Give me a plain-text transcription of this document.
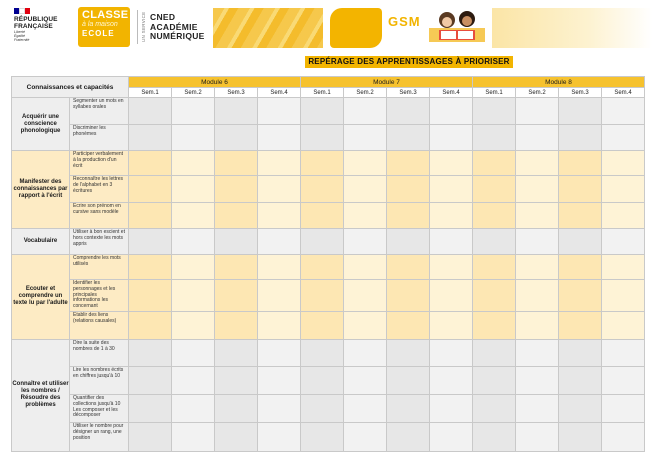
RÉPUBLIQUE
FRANÇAISE
Liberté
Égalité
Fraternité
CLASSE
à la maison
ECOLE	UN SERVICE CNED
ACADÉMIE
NUMÉRIQUE
GSM
REPÉRAGE DES APPRENTISSAGES À PRIORISER
Connaissances et capacités		Module 6				Module 7				Module 8			
		Sem.1	Sem.2	Sem.3	Sem.4	Sem.1	Sem.2	Sem.3	Sem.4	Sem.1	Sem.2	Sem.3	Sem.4
Acquérir une conscience phonologique	Segmenter un mots en syllabes orales												
	Discriminer les phonèmes												
Manifester des connaissances par rapport à l'écrit	Participer verbalement à la production d'un écrit												
	Reconnaître les lettres de l'alphabet en 3 écritures												
	Ecrire son prénom en cursive sans modèle												
Vocabulaire	Utiliser à bon escient et hors contexte les mots appris												
Ecouter et comprendre un texte lu par l'adulte	Comprendre les mots utilisés												
	Identifier les personnages et les principales informations les concernant												
	Etablir des liens (relations causales)												
Connaître et utiliser les nombres / Résoudre des problèmes	Dire la suite des nombres de 1 à 30												
	Lire les nombres écrits en chiffres jusqu'à 10												
	Quantifier des collections jusqu'à 10 Les composer et les décomposer												
	Utiliser le nombre pour désigner un rang, une position												
